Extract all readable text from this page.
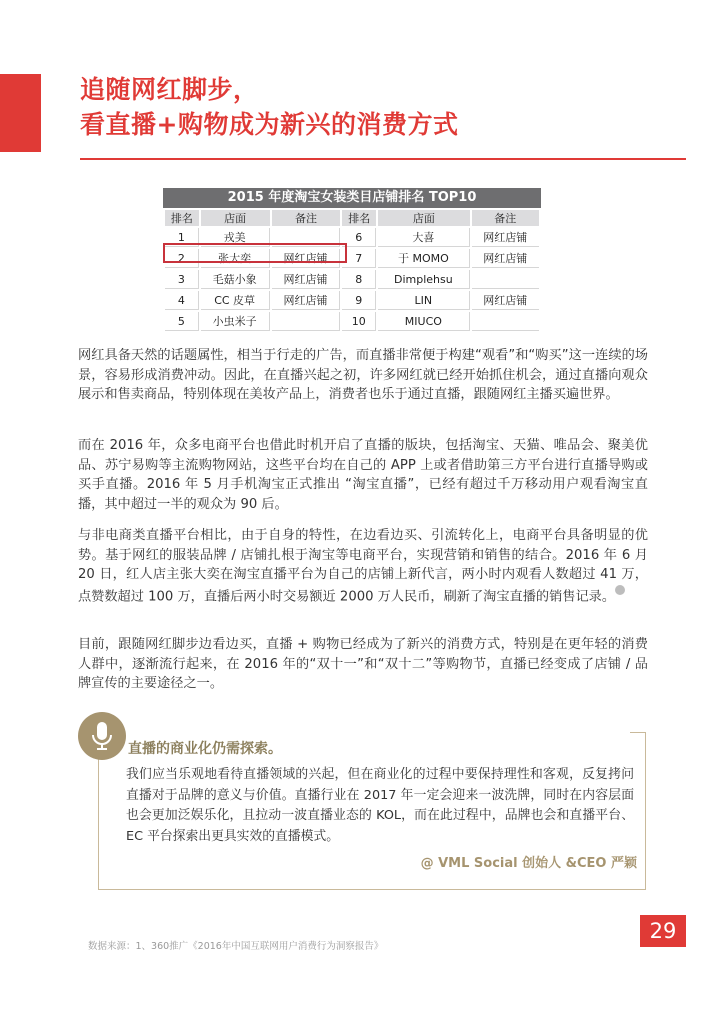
追随网红脚步，
看直播+购物成为新兴的消费方式
2015 年度淘宝女装类目店铺排名 TOP10
排名	店面	备注	排名	店面	备注
1	戎美		6	大喜	网红店铺
2	张大奕	网红店铺	7	于 MOMO	网红店铺
3	毛菇小象	网红店铺	8	Dimplehsu	
4	CC 皮草	网红店铺	9	LIN	网红店铺
5	小虫米子		10	MIUCO	

网红具备天然的话题属性，相当于行走的广告，而直播非常便于构建“观看”和“购买”这一连续的场景，容易形成消费冲动。因此，在直播兴起之初，许多网红就已经开始抓住机会，通过直播向观众展示和售卖商品，特别体现在美妆产品上，消费者也乐于通过直播，跟随网红主播买遍世界。

而在 2016 年，众多电商平台也借此时机开启了直播的版块，包括淘宝、天猫、唯品会、聚美优品、苏宁易购等主流购物网站，这些平台均在自己的 APP 上或者借助第三方平台进行直播导购或买手直播。2016 年 5 月手机淘宝正式推出 “淘宝直播”，已经有超过千万移动用户观看淘宝直播，其中超过一半的观众为 90 后。

与非电商类直播平台相比，由于自身的特性，在边看边买、引流转化上，电商平台具备明显的优势。基于网红的服装品牌 / 店铺扎根于淘宝等电商平台，实现营销和销售的结合。2016 年 6 月 20 日，红人店主张大奕在淘宝直播平台为自己的店铺上新代言，两小时内观看人数超过 41 万，点赞数超过 100 万，直播后两小时交易额近 2000 万人民币，刷新了淘宝直播的销售记录。

目前，跟随网红脚步边看边买，直播 + 购物已经成为了新兴的消费方式，特别是在更年轻的消费人群中，逐渐流行起来，在 2016 年的“双十一”和“双十二”等购物节，直播已经变成了店铺 / 品牌宣传的主要途径之一。

直播的商业化仍需探索。

我们应当乐观地看待直播领域的兴起，但在商业化的过程中要保持理性和客观，反复拷问直播对于品牌的意义与价值。直播行业在 2017 年一定会迎来一波洗牌，同时在内容层面也会更加泛娱乐化，且拉动一波直播业态的 KOL，而在此过程中，品牌也会和直播平台、EC 平台探索出更具实效的直播模式。

@ VML Social 创始人 &CEO 严颖
数据来源：1、360推广《2016年中国互联网用户消费行为洞察报告》
29
